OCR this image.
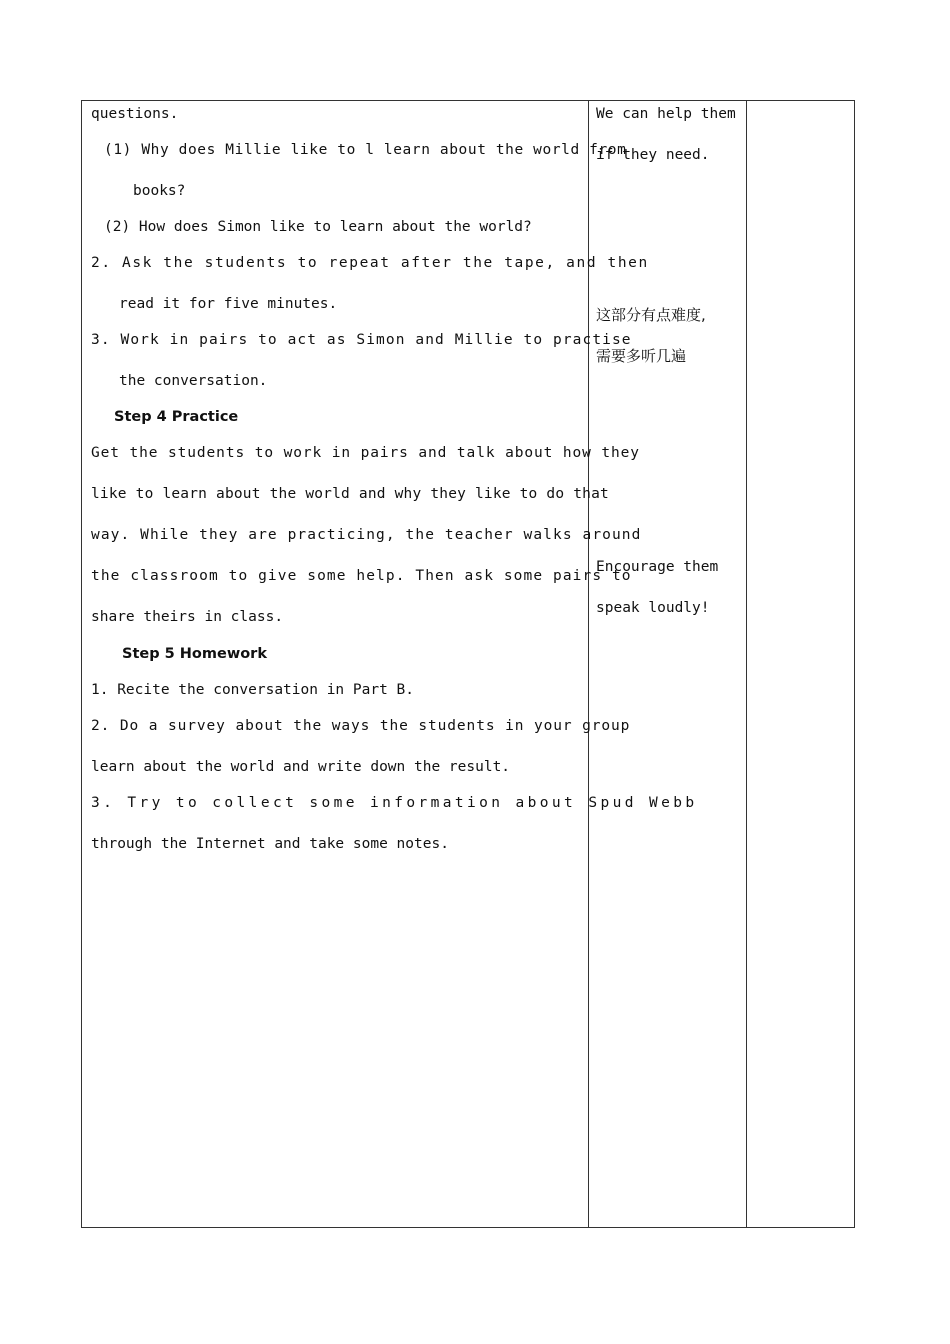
questions.
(1) Why does Millie like to l learn about the world from
books?
(2) How does Simon like to learn about the world?
2. Ask the students to repeat after the tape, and then
read it for five minutes.
3. Work in pairs to act as Simon and Millie to practise
the conversation.
Step 4 Practice
Get the students to work in pairs and talk about how they
like to learn about the world and why they like to do that
way. While they are practicing, the teacher walks around
the classroom to give some help. Then ask some pairs to
share theirs in class.
Step 5 Homework
1. Recite the conversation in Part B.
2. Do a survey about the ways the students in your group
learn about the world and write down the result.
3. Try to collect some information about Spud Webb
through the Internet and take some notes.
We can help them
if they need.
这部分有点难度,
需要多听几遍
Encourage them
speak loudly!
